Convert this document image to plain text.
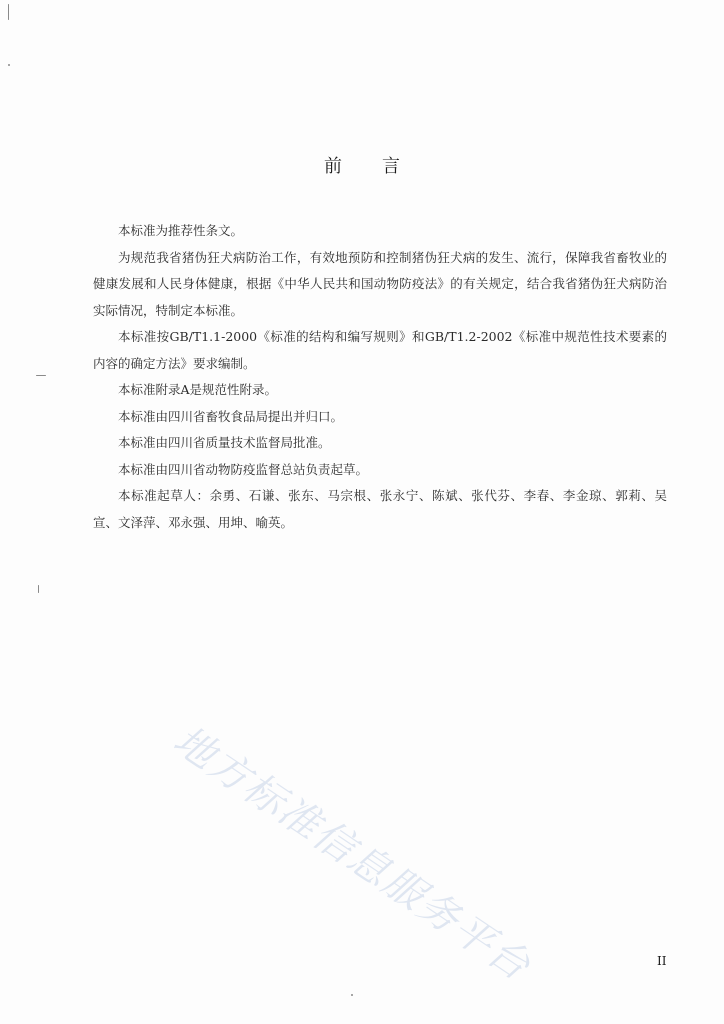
前言

本标准为推荐性条文。

为规范我省猪伪狂犬病防治工作，有效地预防和控制猪伪狂犬病的发生、流行，保障我省畜牧业的健康发展和人民身体健康，根据《中华人民共和国动物防疫法》的有关规定，结合我省猪伪狂犬病防治实际情况，特制定本标准。

本标准按GB/T1.1-2000《标准的结构和编写规则》和GB/T1.2-2002《标准中规范性技术要素的内容的确定方法》要求编制。

本标准附录A是规范性附录。

本标准由四川省畜牧食品局提出并归口。

本标准由四川省质量技术监督局批准。

本标准由四川省动物防疫监督总站负责起草。

本标准起草人：余勇、石谦、张东、马宗根、张永宁、陈斌、张代芬、李春、李金琼、郭莉、吴宣、文泽萍、邓永强、用坤、喻英。

地方标准信息服务平台	II
